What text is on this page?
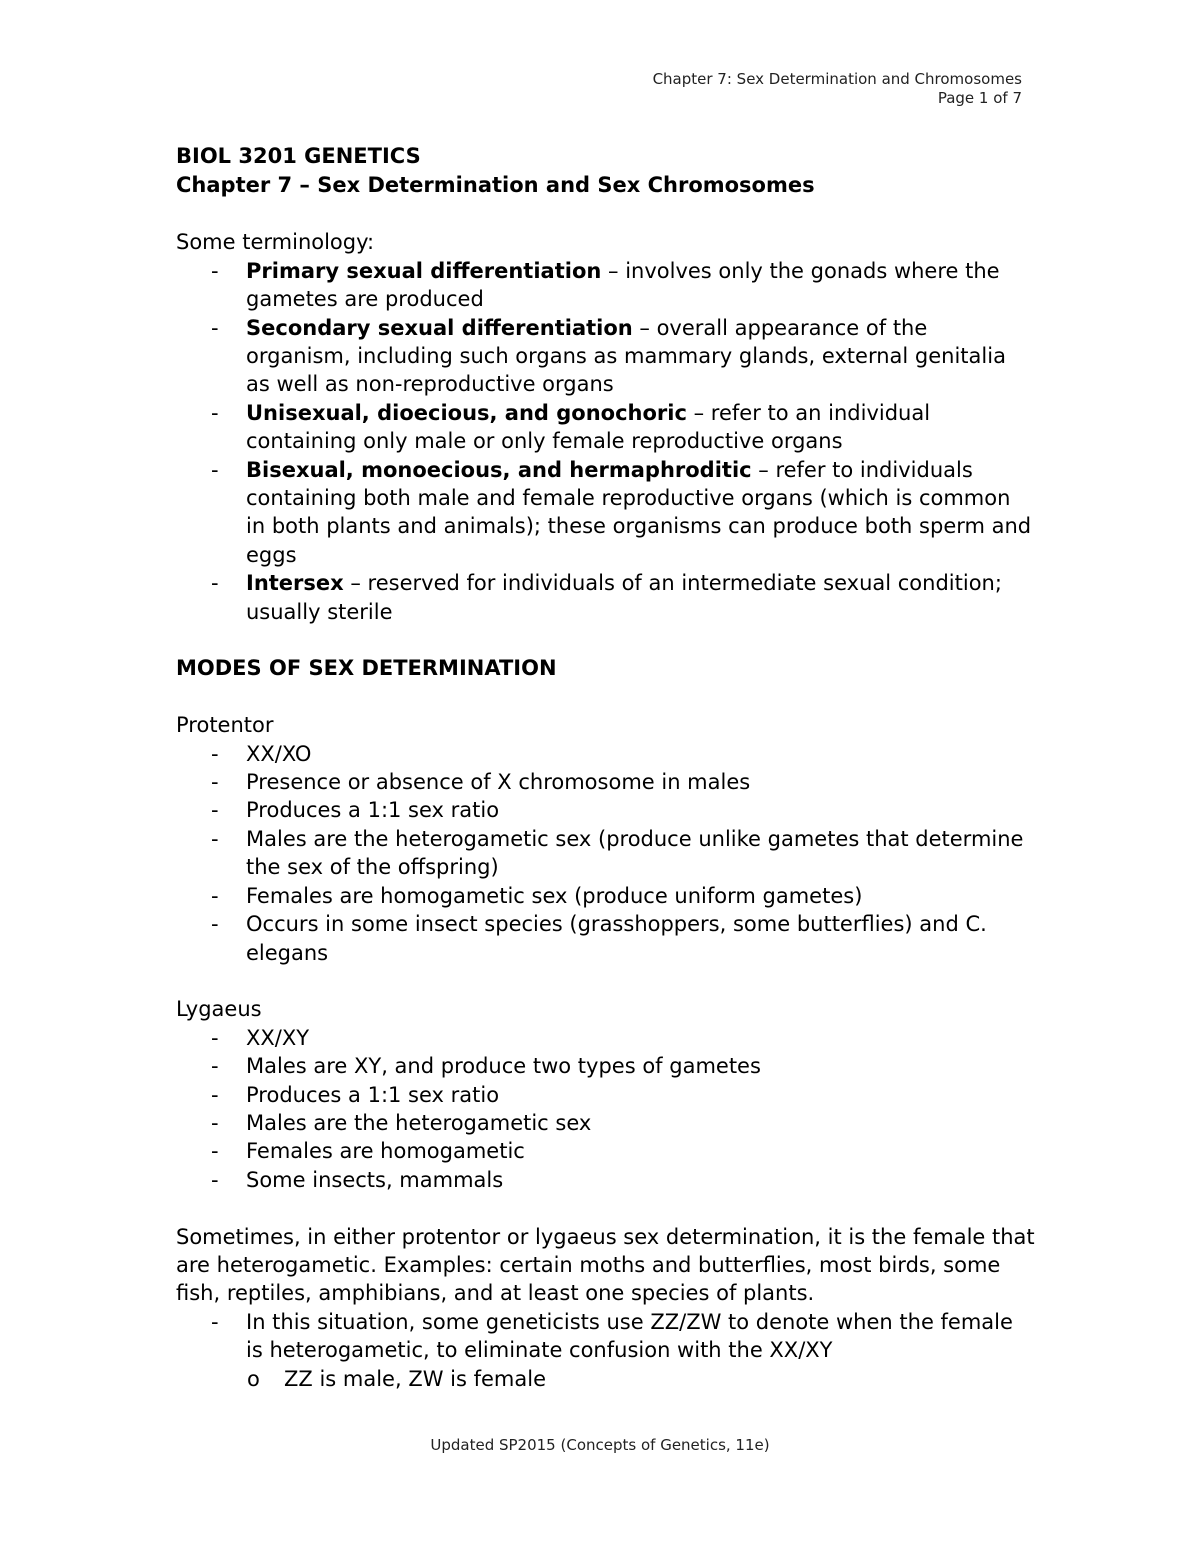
Chapter 7: Sex Determination and Chromosomes
Page 1 of 7

BIOL 3201 GENETICS

Chapter 7 – Sex Determination and Sex Chromosomes

Some terminology:

- Primary sexual differentiation – involves only the gonads where the gametes are produced
- Secondary sexual differentiation – overall appearance of the organism, including such organs as mammary glands, external genitalia as well as non-reproductive organs
- Unisexual, dioecious, and gonochoric – refer to an individual containing only male or only female reproductive organs
- Bisexual, monoecious, and hermaphroditic – refer to individuals containing both male and female reproductive organs (which is common in both plants and animals); these organisms can produce both sperm and eggs
- Intersex – reserved for individuals of an intermediate sexual condition; usually sterile

MODES OF SEX DETERMINATION

Protentor

- XX/XO
- Presence or absence of X chromosome in males
- Produces a 1:1 sex ratio
- Males are the heterogametic sex (produce unlike gametes that determine the sex of the offspring)
- Females are homogametic sex (produce uniform gametes)
- Occurs in some insect species (grasshoppers, some butterflies) and C. elegans

Lygaeus

- XX/XY
- Males are XY, and produce two types of gametes
- Produces a 1:1 sex ratio
- Males are the heterogametic sex
- Females are homogametic
- Some insects, mammals

Sometimes, in either protentor or lygaeus sex determination, it is the female that are heterogametic. Examples: certain moths and butterflies, most birds, some fish, reptiles, amphibians, and at least one species of plants.

- In this situation, some geneticists use ZZ/ZW to denote when the female is heterogametic, to eliminate confusion with the XX/XY
o ZZ is male, ZW is female
Updated SP2015 (Concepts of Genetics, 11e)
